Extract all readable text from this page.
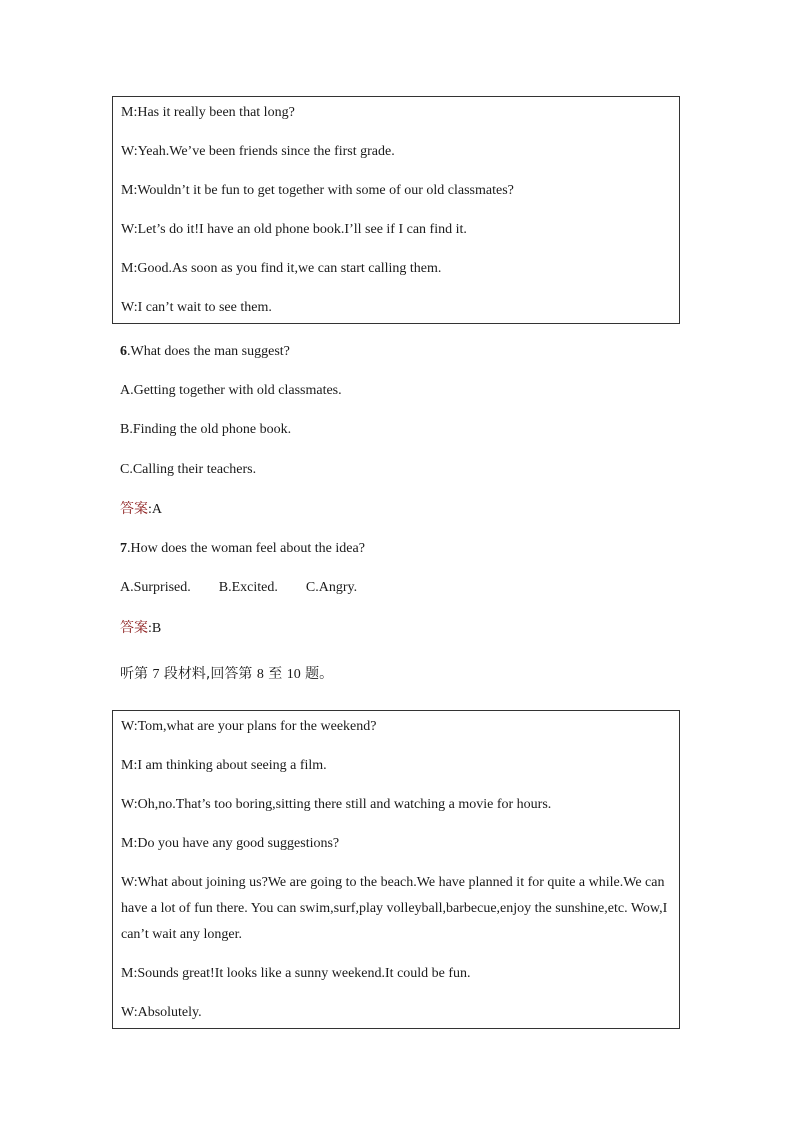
M:Has it really been that long?
W:Yeah.We’ve been friends since the first grade.
M:Wouldn’t it be fun to get together with some of our old classmates?
W:Let’s do it!I have an old phone book.I’ll see if I can find it.
M:Good.As soon as you find it,we can start calling them.
W:I can’t wait to see them.
6.What does the man suggest?
A.Getting together with old classmates.
B.Finding the old phone book.
C.Calling their teachers.
答案:A
7.How does the woman feel about the idea?
A.Surprised. B.Excited. C.Angry.
答案:B
听第 7 段材料,回答第 8 至 10 题。
W:Tom,what are your plans for the weekend?
M:I am thinking about seeing a film.
W:Oh,no.That’s too boring,sitting there still and watching a movie for hours.
M:Do you have any good suggestions?
W:What about joining us?We are going to the beach.We have planned it for quite a while.We can have a lot of fun there. You can swim,surf,play volleyball,barbecue,enjoy the sunshine,etc. Wow,I can’t wait any longer.
M:Sounds great!It looks like a sunny weekend.It could be fun.
W:Absolutely.
